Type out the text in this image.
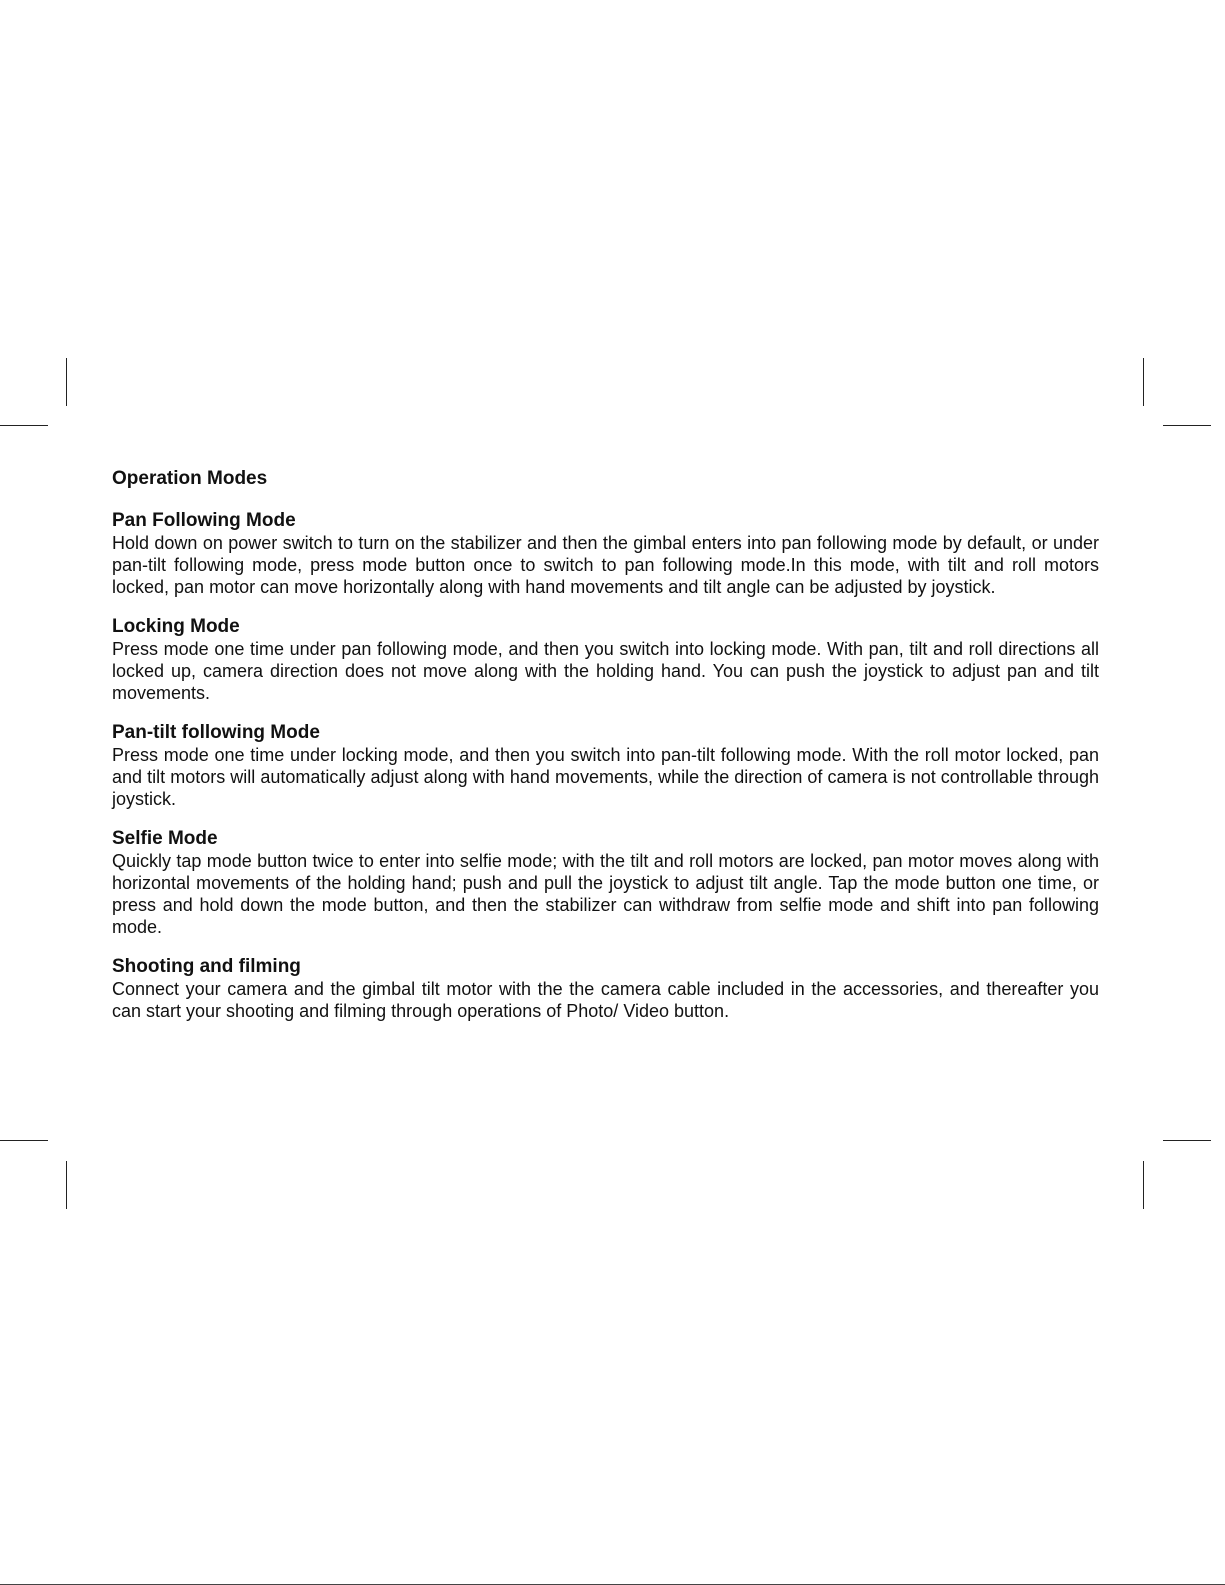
Operation Modes
Pan Following Mode

Hold down on power switch to turn on the stabilizer and then the gimbal enters into pan following mode by default, or under pan-tilt following mode, press mode button once to switch to pan following mode.In this mode, with tilt and roll motors locked, pan motor can move horizontally along with hand movements and tilt angle can be adjusted by joystick.

Locking Mode

Press mode one time under pan following mode, and then you switch into locking mode. With pan, tilt and roll directions all locked up, camera direction does not move along with the holding hand. You can push the joystick to adjust pan and tilt movements.

Pan-tilt following Mode

Press mode one time under locking mode, and then you switch into pan-tilt following mode. With the roll motor locked, pan and tilt motors will automatically adjust along with hand movements, while the direction of camera is not controllable through joystick.

Selfie Mode

Quickly tap mode button twice to enter into selfie mode; with the tilt and roll motors are locked, pan motor moves along with horizontal movements of the holding hand; push and pull the joystick to adjust tilt angle. Tap the mode button one time, or press and hold down the mode button, and then the stabilizer can withdraw from selfie mode and shift into pan following mode.

Shooting and filming

Connect your camera and the gimbal tilt motor with the the camera cable included in the accessories, and thereafter you can start your shooting and filming through operations of Photo/ Video button.
